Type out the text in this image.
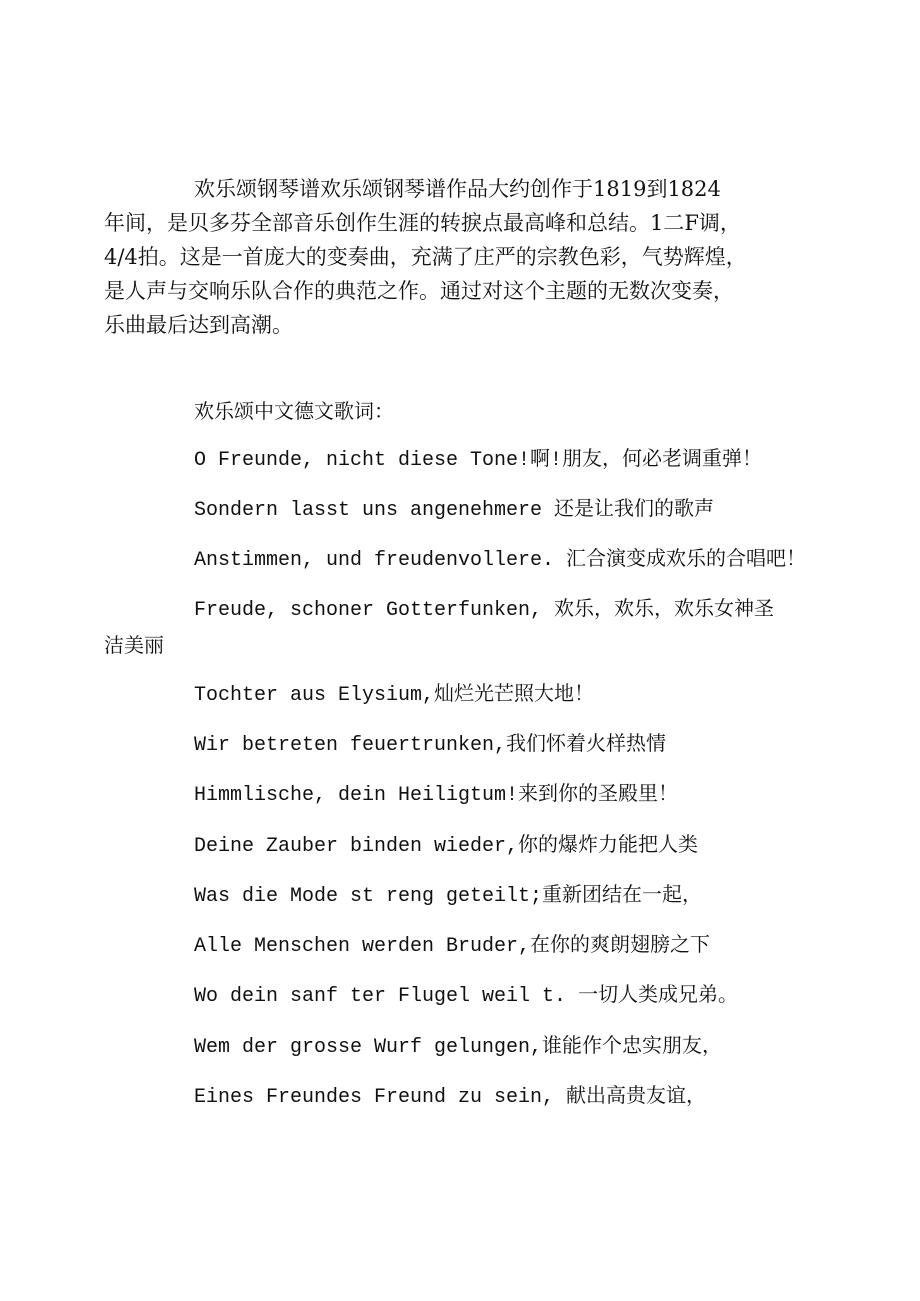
欢乐颂钢琴谱欢乐颂钢琴谱作品大约创作于1819到1824
年间，是贝多芬全部音乐创作生涯的转捩点最高峰和总结。1二F调，
4/4拍。这是一首庞大的变奏曲，充满了庄严的宗教色彩，气势辉煌，
是人声与交响乐队合作的典范之作。通过对这个主题的无数次变奏，
乐曲最后达到高潮。
欢乐颂中文德文歌词：
O Freunde, nicht diese Tone!啊!朋友，何必老调重弹！
Sondern lasst uns angenehmere 还是让我们的歌声
Anstimmen, und freudenvollere. 汇合演变成欢乐的合唱吧！
Freude, schoner Gotterfunken, 欢乐，欢乐，欢乐女神圣
洁美丽
Tochter aus Elysium,灿烂光芒照大地！
Wir betreten feuertrunken,我们怀着火样热情
Himmlische, dein Heiligtum!来到你的圣殿里！
Deine Zauber binden wieder,你的爆炸力能把人类
Was die Mode st reng geteilt;重新团结在一起，
Alle Menschen werden Bruder,在你的爽朗翅膀之下
Wo dein sanf ter Flugel weil t. 一切人类成兄弟。
Wem der grosse Wurf gelungen,谁能作个忠实朋友，
Eines Freundes Freund zu sein, 献出高贵友谊，
